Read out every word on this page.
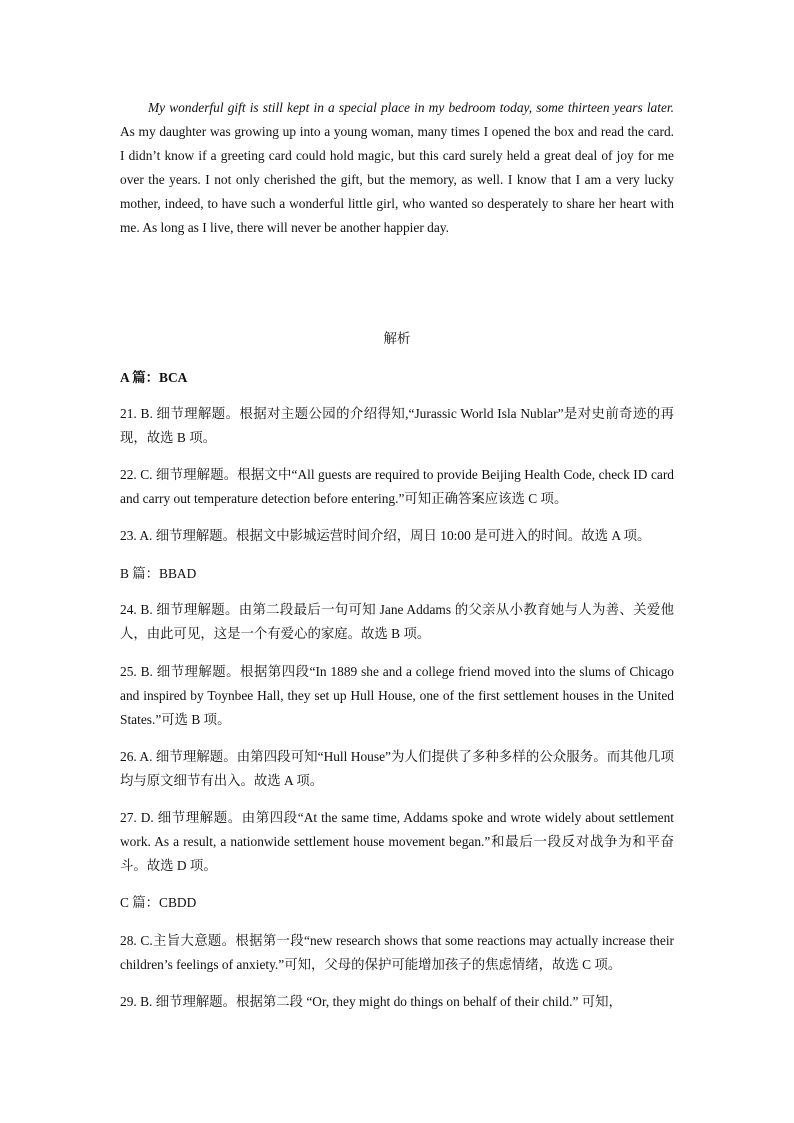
My wonderful gift is still kept in a special place in my bedroom today, some thirteen years later. As my daughter was growing up into a young woman, many times I opened the box and read the card. I didn’t know if a greeting card could hold magic, but this card surely held a great deal of joy for me over the years. I not only cherished the gift, but the memory, as well. I know that I am a very lucky mother, indeed, to have such a wonderful little girl, who wanted so desperately to share her heart with me. As long as I live, there will never be another happier day.

解析
A 篇：BCA
21. B. 细节理解题。根据对主题公园的介绍得知,“Jurassic World Isla Nublar”是对史前奇迹的再现，故选 B 项。
22. C. 细节理解题。根据文中“All guests are required to provide Beijing Health Code, check ID card and carry out temperature detection before entering.”可知正确答案应该选 C 项。
23. A. 细节理解题。根据文中影城运营时间介绍，周日 10:00 是可进入的时间。故选 A 项。
B 篇：BBAD
24. B. 细节理解题。由第二段最后一句可知 Jane Addams 的父亲从小教育她与人为善、关爱他人，由此可见，这是一个有爱心的家庭。故选 B 项。
25. B. 细节理解题。根据第四段“In 1889 she and a college friend moved into the slums of Chicago and inspired by Toynbee Hall, they set up Hull House, one of the first settlement houses in the United States.”可选 B 项。
26. A. 细节理解题。由第四段可知“Hull House”为人们提供了多种多样的公众服务。而其他几项均与原文细节有出入。故选 A 项。
27. D. 细节理解题。由第四段“At the same time, Addams spoke and wrote widely about settlement work. As a result, a nationwide settlement house movement began.”和最后一段反对战争为和平奋斗。故选 D 项。
C 篇：CBDD
28. C.主旨大意题。根据第一段“new research shows that some reactions may actually increase their children’s feelings of anxiety.”可知，父母的保护可能增加孩子的焦虑情绪，故选 C 项。
29. B. 细节理解题。根据第二段 “Or, they might do things on behalf of their child.” 可知，
